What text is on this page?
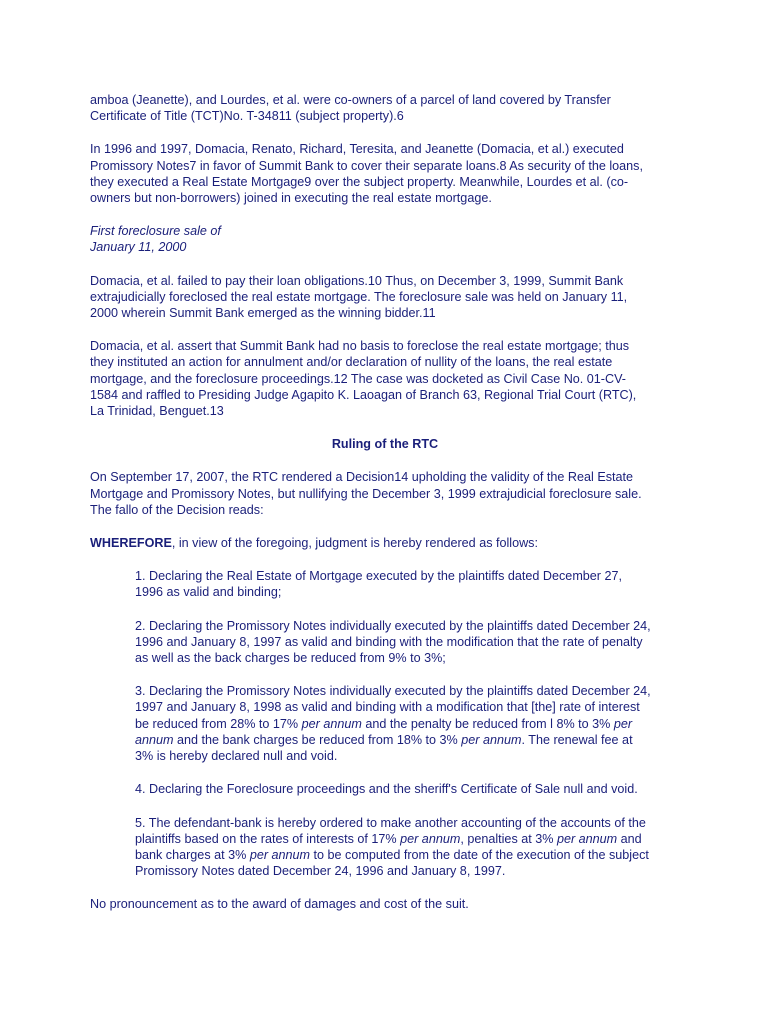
amboa (Jeanette), and Lourdes, et al. were co-owners of a parcel of land covered by Transfer
Certificate of Title (TCT)No. T-34811 (subject property).6

In 1996 and 1997, Domacia, Renato, Richard, Teresita, and Jeanette (Domacia, et al.) executed
Promissory Notes7 in favor of Summit Bank to cover their separate loans.8 As security of the loans,
they executed a Real Estate Mortgage9 over the subject property. Meanwhile, Lourdes et al. (co-
owners but non-borrowers) joined in executing the real estate mortgage.

First foreclosure sale of
January 11, 2000

Domacia, et al. failed to pay their loan obligations.10 Thus, on December 3, 1999, Summit Bank
extrajudicially foreclosed the real estate mortgage. The foreclosure sale was held on January 11,
2000 wherein Summit Bank emerged as the winning bidder.11

Domacia, et al. assert that Summit Bank had no basis to foreclose the real estate mortgage; thus
they instituted an action for annulment and/or declaration of nullity of the loans, the real estate
mortgage, and the foreclosure proceedings.12 The case was docketed as Civil Case No. 01-CV-
1584 and raffled to Presiding Judge Agapito K. Laoagan of Branch 63, Regional Trial Court (RTC),
La Trinidad, Benguet.13

Ruling of the RTC

On September 17, 2007, the RTC rendered a Decision14 upholding the validity of the Real Estate
Mortgage and Promissory Notes, but nullifying the December 3, 1999 extrajudicial foreclosure sale.
The fallo of the Decision reads:

WHEREFORE, in view of the foregoing, judgment is hereby rendered as follows:

1. Declaring the Real Estate of Mortgage executed by the plaintiffs dated December 27,
1996 as valid and binding;

2. Declaring the Promissory Notes individually executed by the plaintiffs dated December 24,
1996 and January 8, 1997 as valid and binding with the modification that the rate of penalty
as well as the back charges be reduced from 9% to 3%;

3. Declaring the Promissory Notes individually executed by the plaintiffs dated December 24,
1997 and January 8, 1998 as valid and binding with a modification that [the] rate of interest
be reduced from 28% to 17% per annum and the penalty be reduced from l 8% to 3% per
annum and the bank charges be reduced from 18% to 3% per annum. The renewal fee at
3% is hereby declared null and void.

4. Declaring the Foreclosure proceedings and the sheriff's Certificate of Sale null and void.

5. The defendant-bank is hereby ordered to make another accounting of the accounts of the
plaintiffs based on the rates of interests of 17% per annum, penalties at 3% per annum and
bank charges at 3% per annum to be computed from the date of the execution of the subject
Promissory Notes dated December 24, 1996 and January 8, 1997.

No pronouncement as to the award of damages and cost of the suit.
